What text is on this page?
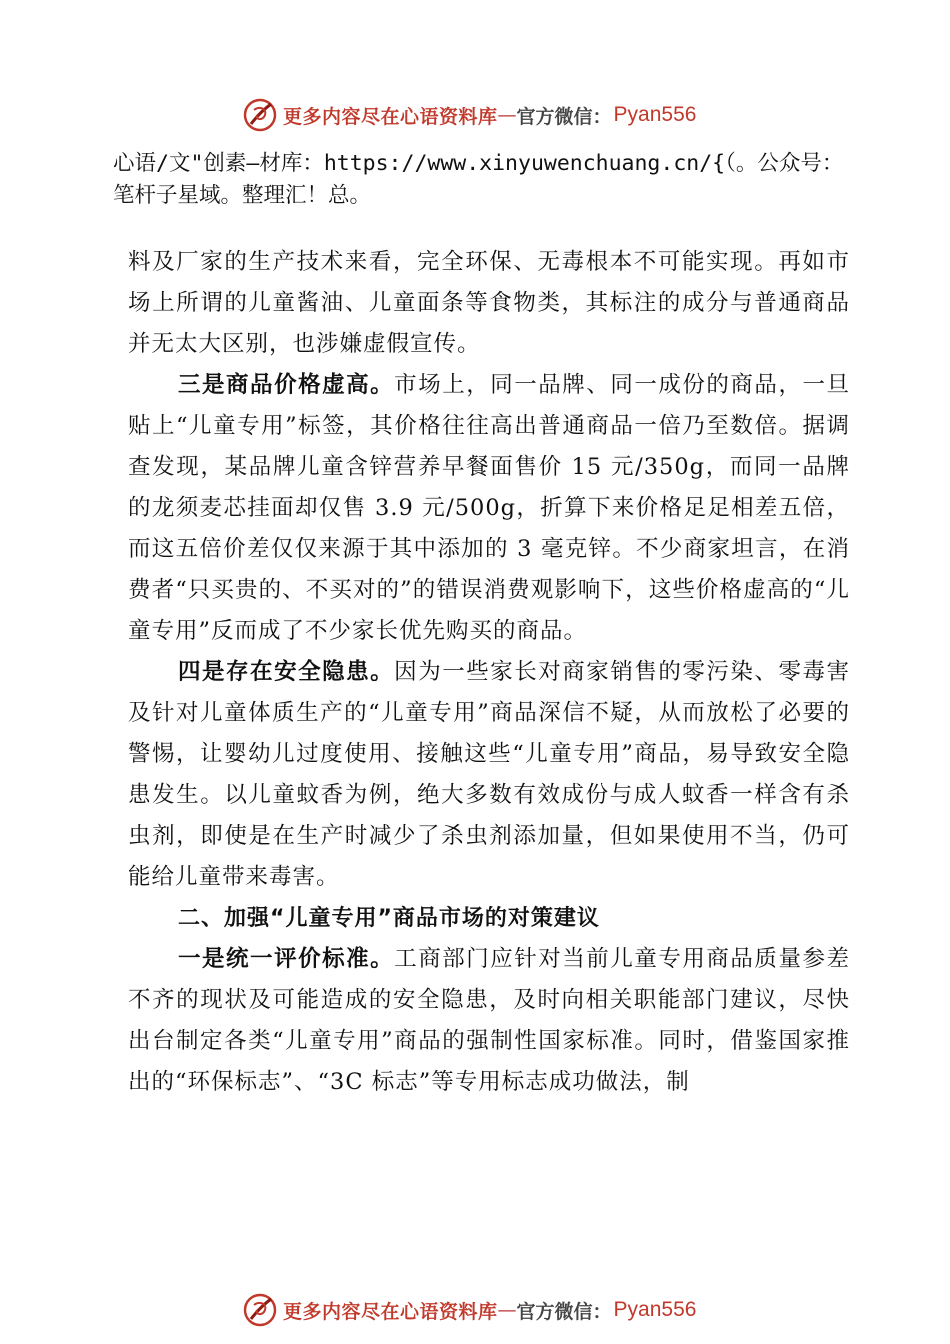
更多内容尽在心语资料库 — 官方微信： Pyan556
心语/文"创素—材库：https://www.xinyuwenchuang.cn/{（。公众号：笔杆子星域。整理汇！总。

料及厂家的生产技术来看，完全环保、无毒根本不可能实现。再如市场上所谓的儿童酱油、儿童面条等食物类，其标注的成分与普通商品并无太大区别，也涉嫌虚假宣传。

三是商品价格虚高。市场上，同一品牌、同一成份的商品，一旦贴上“儿童专用”标签，其价格往往高出普通商品一倍乃至数倍。据调查发现，某品牌儿童含锌营养早餐面售价 15 元/350g，而同一品牌的龙须麦芯挂面却仅售 3.9 元/500g，折算下来价格足足相差五倍，而这五倍价差仅仅来源于其中添加的 3 毫克锌。不少商家坦言，在消费者“只买贵的、不买对的”的错误消费观影响下，这些价格虚高的“儿童专用”反而成了不少家长优先购买的商品。

四是存在安全隐患。因为一些家长对商家销售的零污染、零毒害及针对儿童体质生产的“儿童专用”商品深信不疑，从而放松了必要的警惕，让婴幼儿过度使用、接触这些“儿童专用”商品，易导致安全隐患发生。以儿童蚊香为例，绝大多数有效成份与成人蚊香一样含有杀虫剂，即使是在生产时减少了杀虫剂添加量，但如果使用不当，仍可能给儿童带来毒害。

二、加强“儿童专用”商品市场的对策建议

一是统一评价标准。工商部门应针对当前儿童专用商品质量参差不齐的现状及可能造成的安全隐患，及时向相关职能部门建议，尽快出台制定各类“儿童专用”商品的强制性国家标准。同时，借鉴国家推出的“环保标志”、“3C 标志”等专用标志成功做法，制

更多内容尽在心语资料库 — 官方微信： Pyan556
